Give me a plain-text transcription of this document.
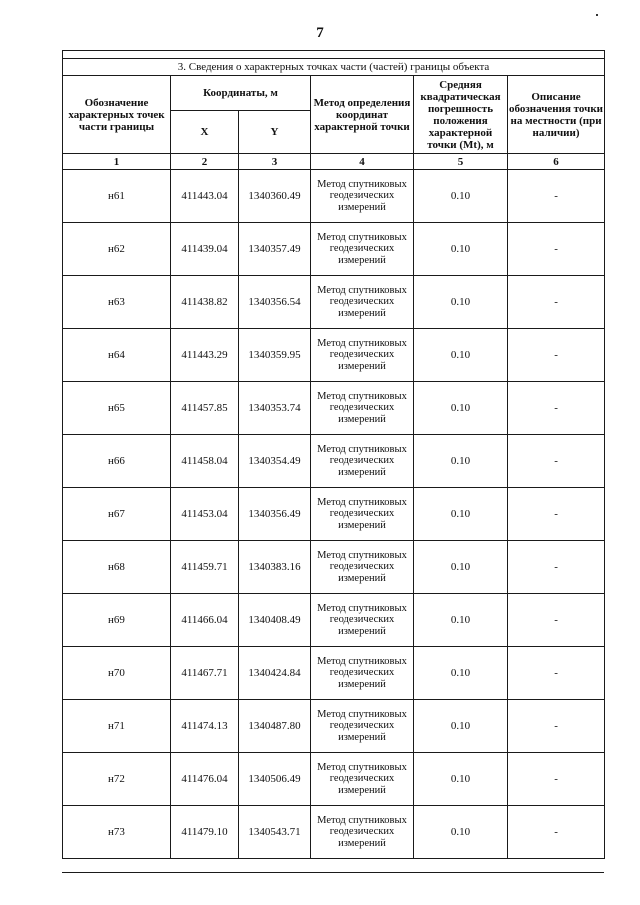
7

3. Сведения о характерных точках части (частей) границы объекта					
Обозначение характерных точек части границы	Координаты, м		Метод определения координат характерной точки	Средняя квадратическая погрешность положения характерной точки (Mt), м	Описание обозначения точки на местности (при наличии)
	X	Y			
1	2	3	4	5	6
н61	411443.04	1340360.49	Метод спутниковых геодезических измерений	0.10	-
н62	411439.04	1340357.49	Метод спутниковых геодезических измерений	0.10	-
н63	411438.82	1340356.54	Метод спутниковых геодезических измерений	0.10	-
н64	411443.29	1340359.95	Метод спутниковых геодезических измерений	0.10	-
н65	411457.85	1340353.74	Метод спутниковых геодезических измерений	0.10	-
н66	411458.04	1340354.49	Метод спутниковых геодезических измерений	0.10	-
н67	411453.04	1340356.49	Метод спутниковых геодезических измерений	0.10	-
н68	411459.71	1340383.16	Метод спутниковых геодезических измерений	0.10	-
н69	411466.04	1340408.49	Метод спутниковых геодезических измерений	0.10	-
н70	411467.71	1340424.84	Метод спутниковых геодезических измерений	0.10	-
н71	411474.13	1340487.80	Метод спутниковых геодезических измерений	0.10	-
н72	411476.04	1340506.49	Метод спутниковых геодезических измерений	0.10	-
н73	411479.10	1340543.71	Метод спутниковых геодезических измерений	0.10	-
